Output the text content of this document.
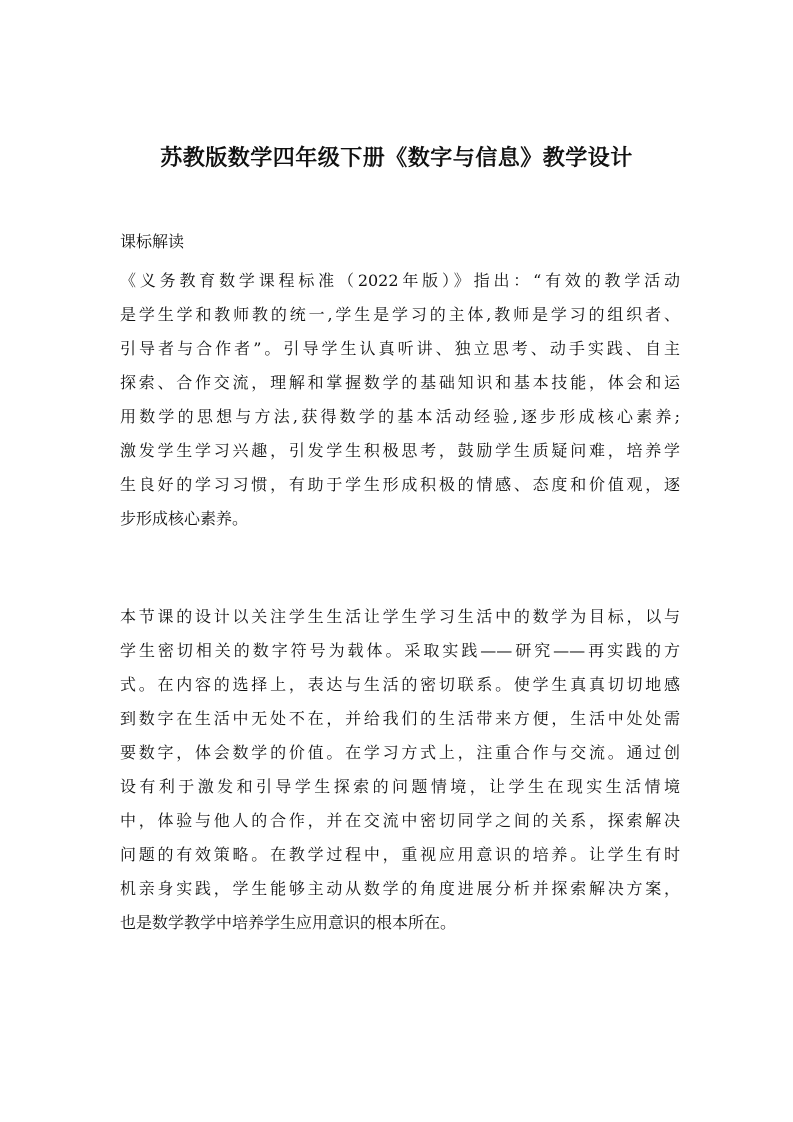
苏教版数学四年级下册《数字与信息》教学设计
课标解读
《义务教育数学课程标准（2022年版）》指出：“有效的教学活动
是学生学和教师教的统一,学生是学习的主体,教师是学习的组织者、
引导者与合作者”。引导学生认真听讲、独立思考、动手实践、自主
探索、合作交流，理解和掌握数学的基础知识和基本技能，体会和运
用数学的思想与方法,获得数学的基本活动经验,逐步形成核心素养;
激发学生学习兴趣，引发学生积极思考，鼓励学生质疑问难，培养学
生良好的学习习惯，有助于学生形成积极的情感、态度和价值观，逐
步形成核心素养。
本节课的设计以关注学生生活让学生学习生活中的数学为目标，以与
学生密切相关的数字符号为载体。采取实践——研究——再实践的方
式。在内容的选择上，表达与生活的密切联系。使学生真真切切地感
到数字在生活中无处不在，并给我们的生活带来方便，生活中处处需
要数字，体会数学的价值。在学习方式上，注重合作与交流。通过创
设有利于激发和引导学生探索的问题情境，让学生在现实生活情境
中，体验与他人的合作，并在交流中密切同学之间的关系，探索解决
问题的有效策略。在教学过程中，重视应用意识的培养。让学生有时
机亲身实践，学生能够主动从数学的角度进展分析并探索解决方案，
也是数学教学中培养学生应用意识的根本所在。
